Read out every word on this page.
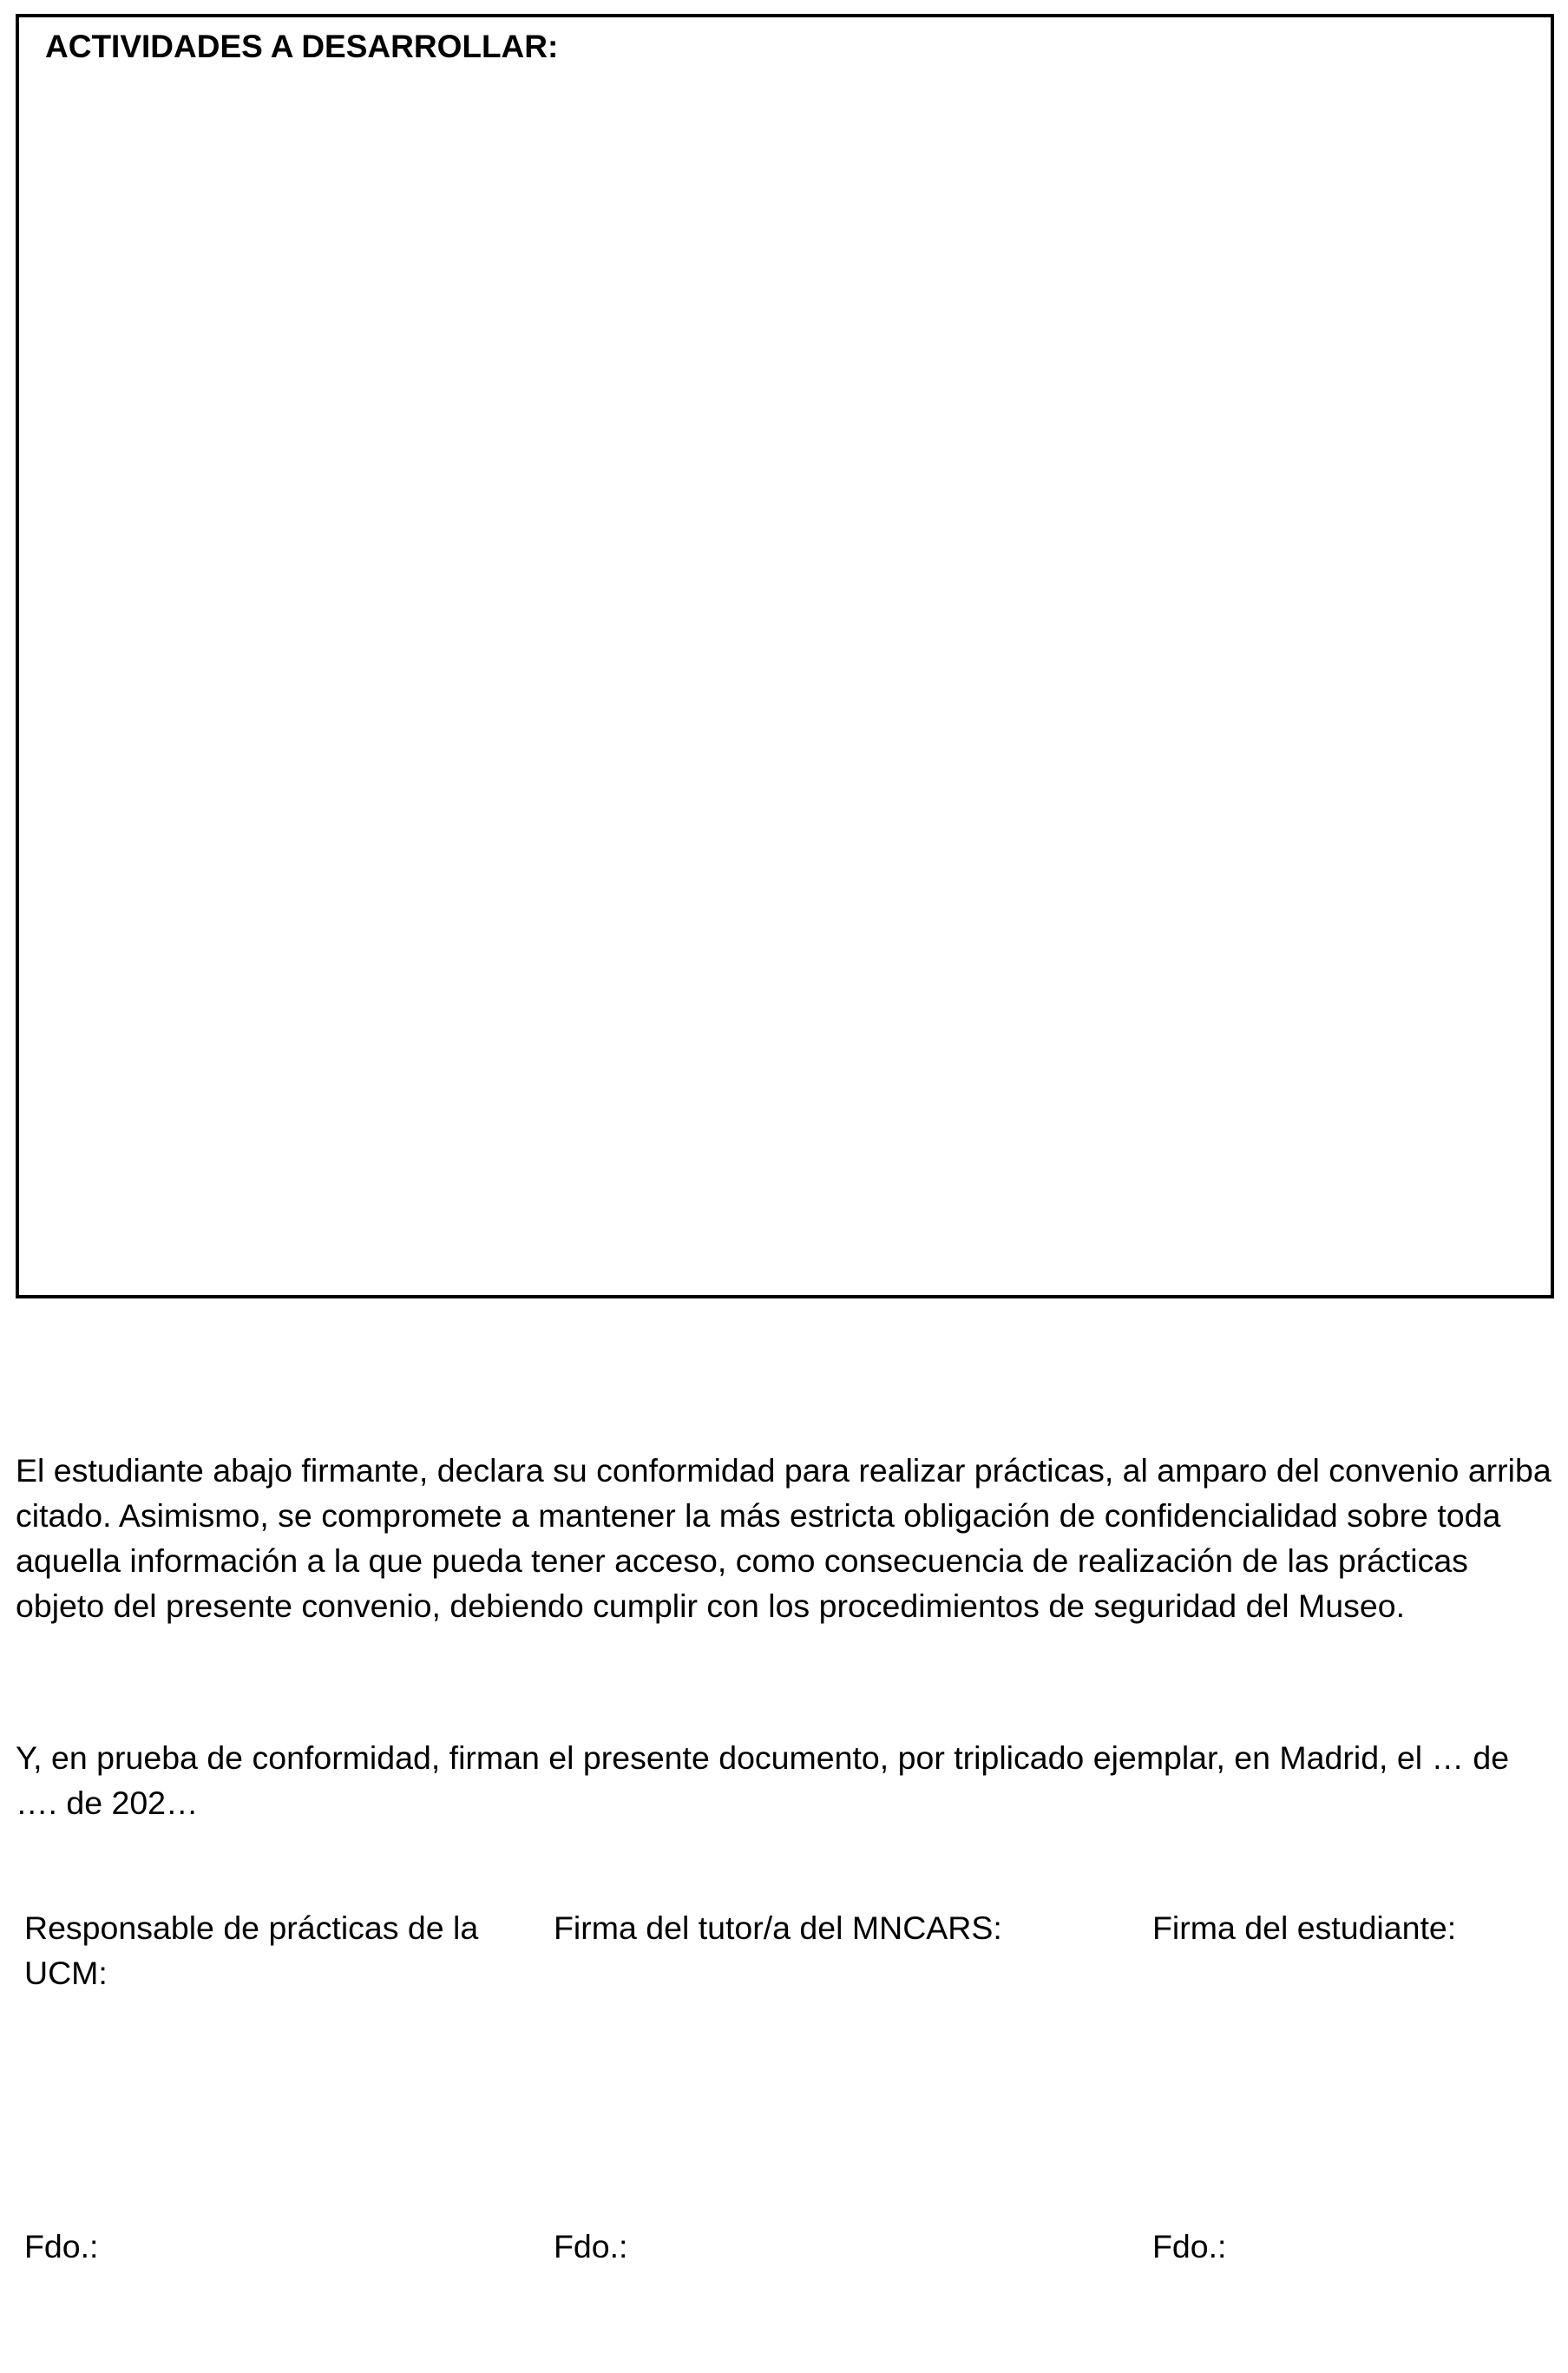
ACTIVIDADES A DESARROLLAR:

El estudiante abajo firmante, declara su conformidad para realizar prácticas, al amparo del convenio arriba citado. Asimismo, se compromete a mantener la más estricta obligación de confidencialidad sobre toda aquella información a la que pueda tener acceso, como consecuencia de realización de las prácticas objeto del presente convenio, debiendo cumplir con los procedimientos de seguridad del Museo.

Y, en prueba de conformidad, firman el presente documento, por triplicado ejemplar, en Madrid, el … de …. de 202…

Responsable de prácticas de la UCM:
Fdo.:
Firma del tutor/a del MNCARS:
Fdo.:
Firma del estudiante:
Fdo.:
